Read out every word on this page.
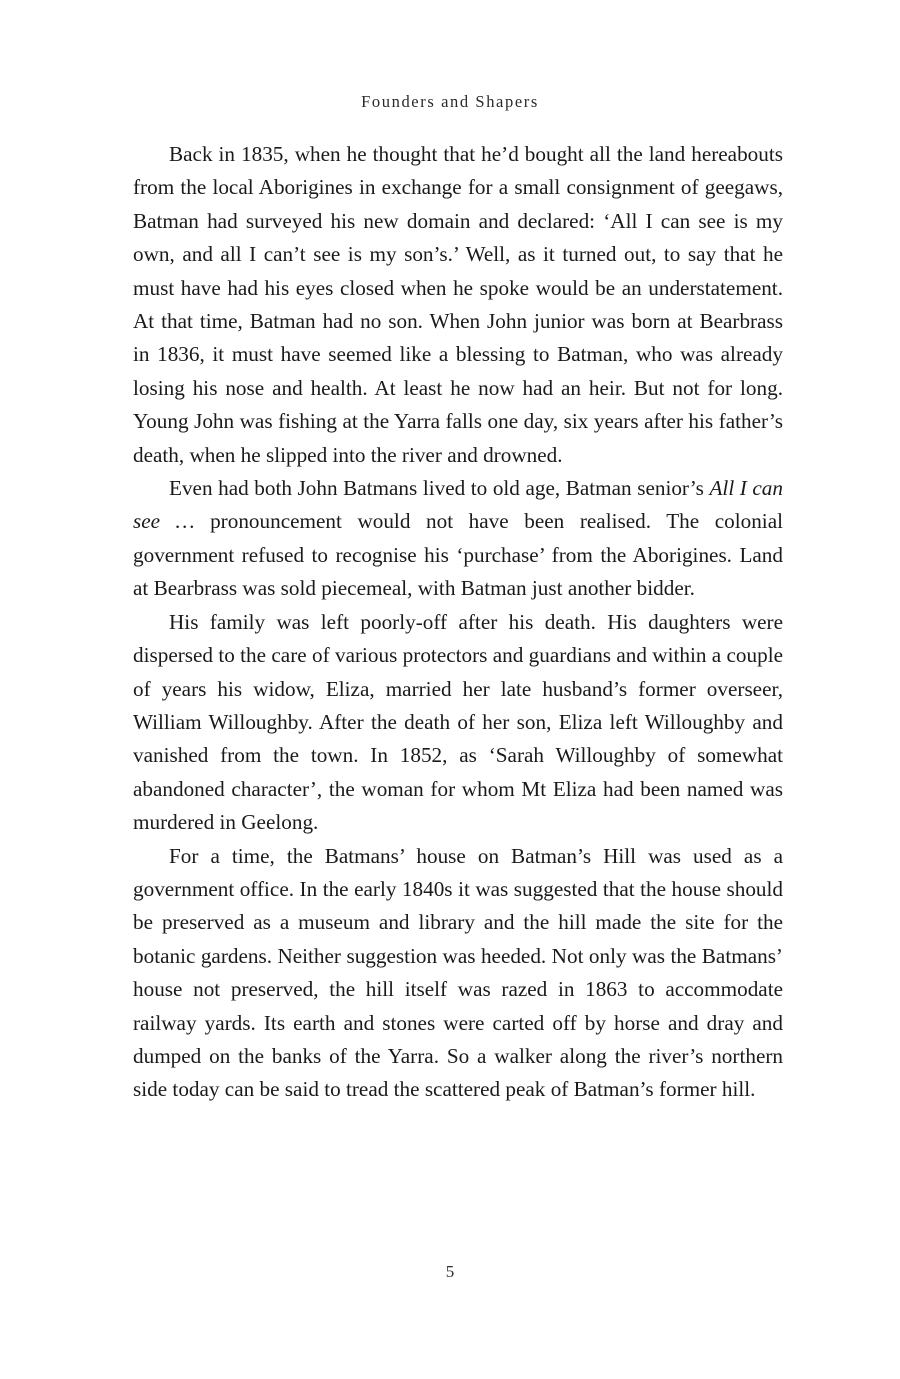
Founders and Shapers

Back in 1835, when he thought that he’d bought all the land hereabouts from the local Aborigines in exchange for a small consignment of geegaws, Batman had surveyed his new domain and declared: ‘All I can see is my own, and all I can’t see is my son’s.’ Well, as it turned out, to say that he must have had his eyes closed when he spoke would be an understatement. At that time, Batman had no son. When John junior was born at Bearbrass in 1836, it must have seemed like a blessing to Batman, who was already losing his nose and health. At least he now had an heir. But not for long. Young John was fishing at the Yarra falls one day, six years after his father’s death, when he slipped into the river and drowned.

Even had both John Batmans lived to old age, Batman senior’s All I can see … pronouncement would not have been realised. The colonial government refused to recognise his ‘purchase’ from the Aborigines. Land at Bearbrass was sold piecemeal, with Batman just another bidder.

His family was left poorly-off after his death. His daughters were dispersed to the care of various protectors and guardians and within a couple of years his widow, Eliza, married her late husband’s former overseer, William Willoughby. After the death of her son, Eliza left Willoughby and vanished from the town. In 1852, as ‘Sarah Willoughby of somewhat abandoned character’, the woman for whom Mt Eliza had been named was murdered in Geelong.

For a time, the Batmans’ house on Batman’s Hill was used as a government office. In the early 1840s it was suggested that the house should be preserved as a museum and library and the hill made the site for the botanic gardens. Neither suggestion was heeded. Not only was the Batmans’ house not preserved, the hill itself was razed in 1863 to accommodate railway yards. Its earth and stones were carted off by horse and dray and dumped on the banks of the Yarra. So a walker along the river’s northern side today can be said to tread the scattered peak of Batman’s former hill.

5
